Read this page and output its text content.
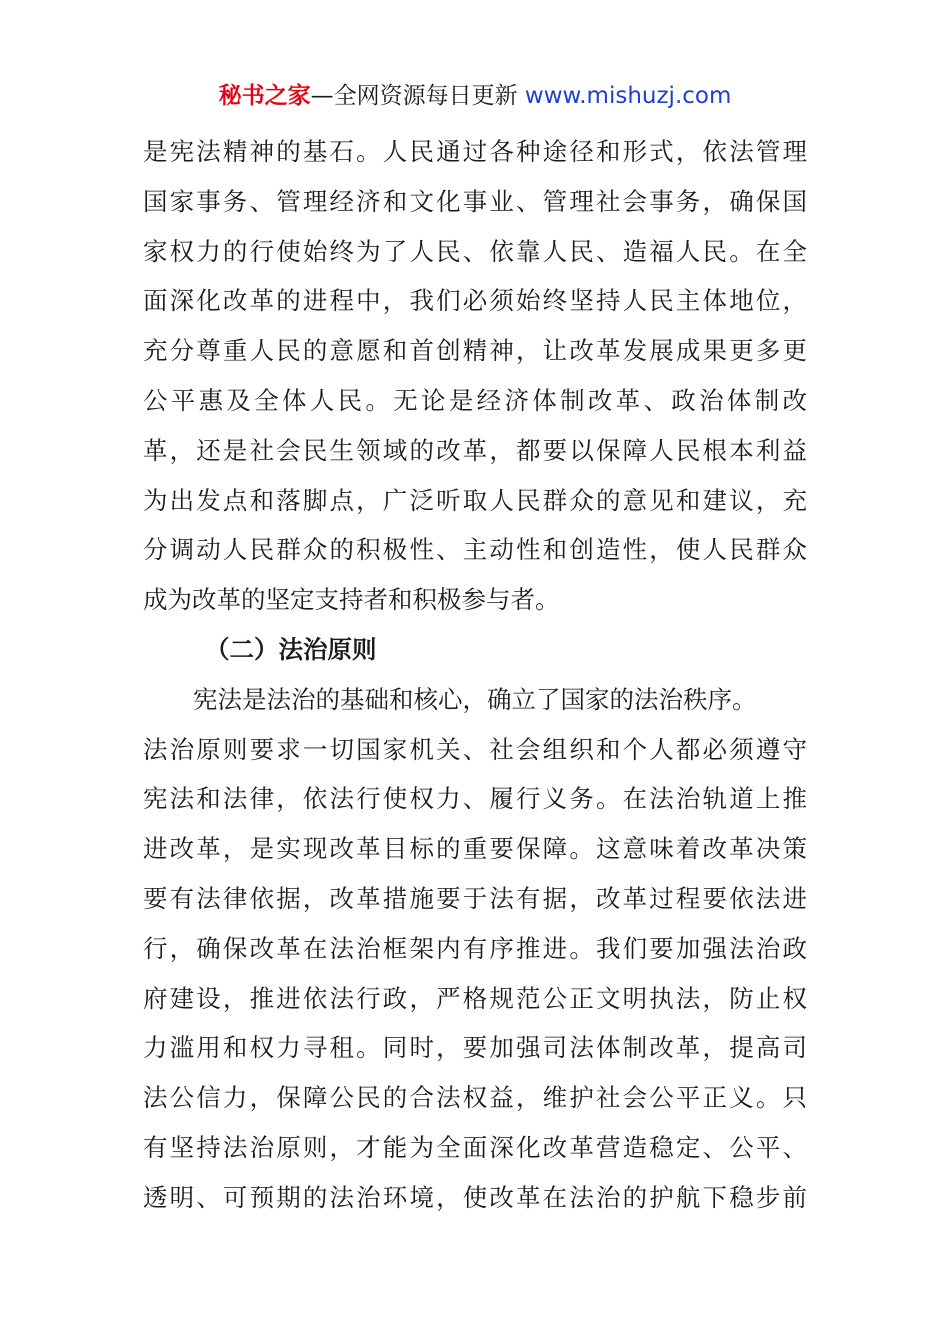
秘书之家—全网资源每日更新 www.mishuzj.com
是宪法精神的基石。人民通过各种途径和形式，依法管理
国家事务、管理经济和文化事业、管理社会事务，确保国
家权力的行使始终为了人民、依靠人民、造福人民。在全
面深化改革的进程中，我们必须始终坚持人民主体地位，
充分尊重人民的意愿和首创精神，让改革发展成果更多更
公平惠及全体人民。无论是经济体制改革、政治体制改
革，还是社会民生领域的改革，都要以保障人民根本利益
为出发点和落脚点，广泛听取人民群众的意见和建议，充
分调动人民群众的积极性、主动性和创造性，使人民群众
成为改革的坚定支持者和积极参与者。
（二）法治原则
宪法是法治的基础和核心，确立了国家的法治秩序。
法治原则要求一切国家机关、社会组织和个人都必须遵守
宪法和法律，依法行使权力、履行义务。在法治轨道上推
进改革，是实现改革目标的重要保障。这意味着改革决策
要有法律依据，改革措施要于法有据，改革过程要依法进
行，确保改革在法治框架内有序推进。我们要加强法治政
府建设，推进依法行政，严格规范公正文明执法，防止权
力滥用和权力寻租。同时，要加强司法体制改革，提高司
法公信力，保障公民的合法权益，维护社会公平正义。只
有坚持法治原则，才能为全面深化改革营造稳定、公平、
透明、可预期的法治环境，使改革在法治的护航下稳步前
